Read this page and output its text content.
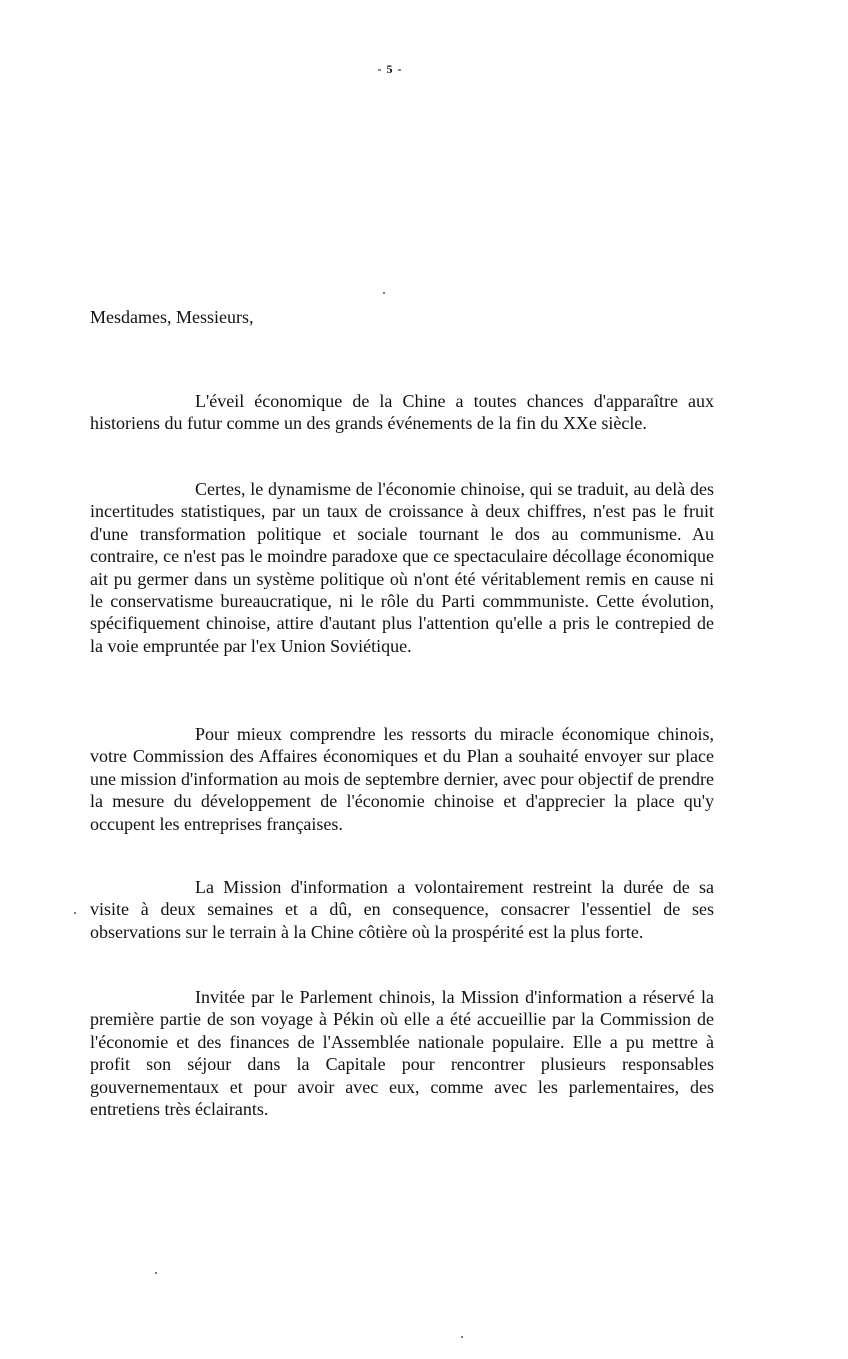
- 5 -
Mesdames, Messieurs,
L'éveil économique de la Chine a toutes chances d'apparaître aux historiens du futur comme un des grands événements de la fin du XXe siècle.
Certes, le dynamisme de l'économie chinoise, qui se traduit, au delà des incertitudes statistiques, par un taux de croissance à deux chiffres, n'est pas le fruit d'une transformation politique et sociale tournant le dos au communisme. Au contraire, ce n'est pas le moindre paradoxe que ce spectaculaire décollage économique ait pu germer dans un système politique où n'ont été véritablement remis en cause ni le conservatisme bureaucratique, ni le rôle du Parti commmuniste. Cette évolution, spécifiquement chinoise, attire d'autant plus l'attention qu'elle a pris le contrepied de la voie empruntée par l'ex Union Soviétique.
Pour mieux comprendre les ressorts du miracle économique chinois, votre Commission des Affaires économiques et du Plan a souhaité envoyer sur place une mission d'information au mois de septembre dernier, avec pour objectif de prendre la mesure du développement de l'économie chinoise et d'apprecier la place qu'y occupent les entreprises françaises.
La Mission d'information a volontairement restreint la durée de sa visite à deux semaines et a dû, en consequence, consacrer l'essentiel de ses observations sur le terrain à la Chine côtière où la prospérité est la plus forte.
Invitée par le Parlement chinois, la Mission d'information a réservé la première partie de son voyage à Pékin où elle a été accueillie par la Commission de l'économie et des finances de l'Assemblée nationale populaire. Elle a pu mettre à profit son séjour dans la Capitale pour rencontrer plusieurs responsables gouvernementaux et pour avoir avec eux, comme avec les parlementaires, des entretiens très éclairants.
